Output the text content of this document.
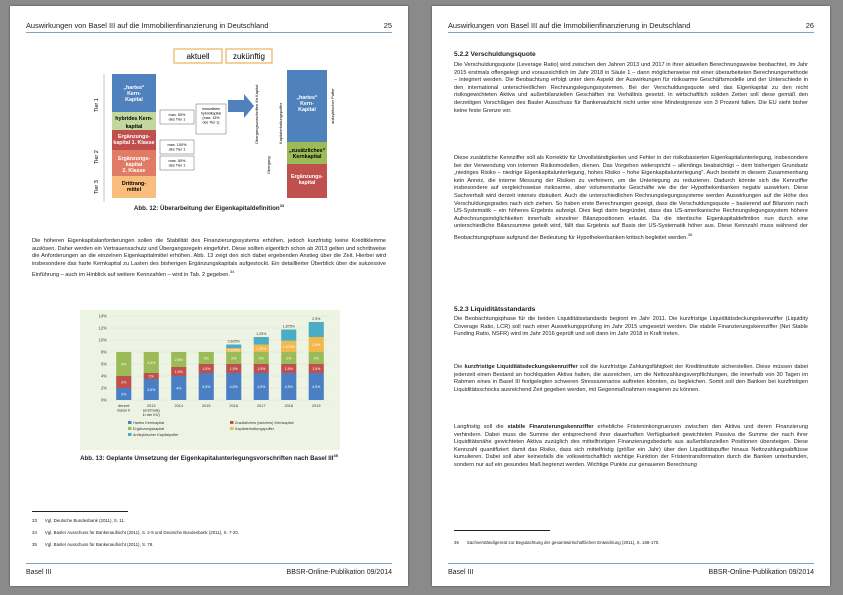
Auswirkungen von Basel III auf die Immobilienfinanzierung in Deutschland	25
aktuell	zukünftig
Tier 1
Tier 2
Tier 3
„hartes“ Kern-Kapital
hybrides Kern-
kapital
Ergänzungs-kapital 1. Klasse
Ergänzungs-kapital 2. Klasse
Drittrang-mittel
max. 50% des Tier 1
innovatives hybridkapital (max. 15% des Tier 1)
max. 100% des Tier 1
max. 50% des Tier 1
Übergangsvorschriften für Kapital
Übergang
Kapitalerhaltungspuffer
„hartes“ Kern-Kapital
„zusätzliches“ Kernkapital
Ergänzungs-kapital
antizyklischer Puffer
Abb. 12: Überarbeitung der Eigenkapitaldefinition$^{33}$
Die höheren Eigenkapitalanforderungen sollen die Stabilität des Finanzierungssystems erhöhen, jedoch kurzfristig keine Kreditklemme auslösen. Daher werden ein Vertrauensschutz und Übergangsregeln eingeführt. Diese sollten eigentlich schon ab 2013 gelten und schrittweise die Anforderungen an die einzelnen Eigenkapitalmittel erhöhen. Abb. 13 zeigt den sich dabei ergebenden Anstieg über die Zeit. Hierbei wird insbesondere das harte Kernkapital zu Lasten des bisherigen Ergänzungskapitals aufgestockt. Ein detaillierter Überblick über die sukzessive Einführung – auch im Hinblick auf weitere Kennzahlen – wird in Tab. 2 gegeben.$^{34}$
0%
2%
4%
6%
8%
10%
12%
14%
2%
2%
4%
derzeit
Basel II
3,5%
1%
3,5%
2013
(erstmalig
in der EU)
4%
1,5%
2,5%
2014
4,5%
1,5%
2%
2015
4,5%
1,5%
2%
0,625%
0,625%
2016
4,5%
1,5%
2%
1,25%
1,25%
2017
4,5%
1,5%
2%
1,875%
1,875%
2018
4,5%
1,5%
2%
2,5%
2,5%
2019
Hartes Kernkapital	Zusätzliches (weiches) Kernkapital
Ergänzungskapital	Kapitalerhaltungspuffer
Antizyklischer Kapitalpuffer
Abb. 13: Geplante Umsetzung der Eigenkapitalunterlegungsvorschriften nach Basel III$^{35}$
33 Vgl. Deutsche Bundesbank (2011), S. 11.
34 Vgl. Basler Ausschuss für Bankenaufsicht (2011), S. 2-9 und Deutsche Bundesbank (2011), S. 7-20.
35 Vgl. Basler Ausschuss für Bankenaufsicht (2011), S. 78.
Basel III	BBSR-Online-Publikation 09/2014
Auswirkungen von Basel III auf die Immobilienfinanzierung in Deutschland	26
5.2.2 Verschuldungsquote
Die Verschuldungsquote (Leverage Ratio) wird zwischen den Jahren 2013 und 2017 in ihrer aktuellen Berechnungsweise beobachtet, im Jahr 2015 erstmals offengelegt und voraussichtlich im Jahr 2018 in Säule 1 – dann möglicherweise mit einer überarbeiteten Berechnungsmethode – integriert werden. Die Beobachtung erfolgt unter dem Aspekt der Auswirkungen für risikoarme Geschäftsmodelle und der Unterschiede in den international unterschiedlichen Rechnungslegungssystemen. Bei der Verschuldungsquote wird das Eigenkapital zu den nicht risikogewichteten Aktiva und außerbilanziellen Geschäften ins Verhältnis gesetzt. In wirtschaftlich soliden Zeiten soll diese gemäß den derzeitigen Vorschlägen des Basler Ausschuss für Bankenaufsicht nicht unter eine Mindestgrenze von 3 Prozent fallen. Die EU sieht bisher keine feste Grenze vor.
Diese zusätzliche Kennziffer soll als Korrektiv für Unvollständigkeiten und Fehler in der risikobasierten Eigenkapitalunterlegung, insbesondere bei der Verwendung von internen Risikomodellen, dienen. Das Vorgehen widerspricht – allerdings beabsichtigt – dem bisherigen Grundsatz „niedriges Risiko – niedrige Eigenkapitalunterlegung, hohes Risiko – hohe Eigenkapitalunterlegung". Auch besteht in diesem Zusammenhang kein Anreiz, die interne Messung der Risiken zu verfeinern, um die Unterlegung zu reduzieren. Dadurch könnte sich die Kennziffer insbesondere auf vergleichsweise risikoarme, aber volumenstarke Geschäfte wie die der Hypothekenbanken negativ auswirken. Diese Sachverhalt wird derzeit intensiv diskutiert. Auch die unterschiedlichen Rechnungslegungssysteme werden Auswirkungen auf die Höhe des Verschuldungsgrades nach sich ziehen. So haben erste Berechnungen gezeigt, dass die Verschuldungsquote – basierend auf Bilanzen nach US-Systematik – ein höheres Ergebnis aufzeigt. Dies liegt darin begründet, dass das US-amerikanische Rechnungslegungssystem höhere Aufrechnungsmöglichkeiten innerhalb einzelner Bilanzpositionen erlaubt. Da die identische Eigenkapitaldefinition nun durch eine unterschiedliche Bilanzsumme geteilt wird, fällt das Ergebnis auf Basis der US-Systematik höher aus. Diese Kennzahl muss während der Beobachtungsphase aufgrund der Bedeutung für Hypothekenbanken kritisch begleitet werden.$^{36}$
5.2.3 Liquiditätsstandards
Die Beobachtungsphase für die beiden Liquiditätsstandards beginnt im Jahr 2011. Die kurzfristige Liquiditätsdeckungskennziffer (Liquidity Coverage Ratio, LCR) soll nach einer Auswirkungsprüfung im Jahr 2015 umgesetzt werden. Die stabile Finanzierungskennziffer (Net Stable Funding Ratio, NSFR) wird im Jahr 2016 geprüft und soll dann im Jahr 2018 in Kraft treten.
Die kurzfristige Liquiditätsdeckungskennziffer soll die kurzfristige Zahlungsfähigkeit der Kreditinstitute sicherstellen. Diese müssen dabei jederzeit einen Bestand an hochliquiden Aktiva halten, die ausreichen, um die Nettozahlungsverpflichtungen, die innerhalb von 30 Tagen im Rahmen eines in Basel III festgelegten schweren Stressszenarios auftreten könnten, zu begleichen. Somit soll den Banken bei kurzfristigen Liquiditätsschocks ausreichend Zeit gegeben werden, mit Gegenmaßnahmen reagieren zu können.
Langfristig soll die stabile Finanzierungskennziffer erhebliche Fristeninkongruenzen zwischen den Aktiva und deren Finanzierung verhindern. Dabei muss die Summe der entsprechend ihrer dauerhaften Verfügbarkeit gewichteten Passiva die Summe der nach ihrer Liquiditätsnähe gewichteten Aktiva zuzüglich des mittelfristigen Finanzierungsbedarfs aus außerbilanziellen Positionen übersteigen. Diese Kennzahl quantifiziert damit das Risiko, dass sich mittelfristig (größer ein Jahr) über den Liquiditätspuffer hinaus Nettozahlungsabflüsse kumulieren. Dabei soll aber keinesfalls die volkswirtschaftlich wichtige Funktion der Fristentransformation durch die Banken unterbunden, sondern nur auf ein gesundes Maß begrenzt werden. Wichtige Punkte zur genaueren Berechnung
36 Sachverständigenrat zur Begutachtung der gesamtwirtschaftlichen Entwicklung (2011), S. 168-170.
Basel III	BBSR-Online-Publikation 09/2014
